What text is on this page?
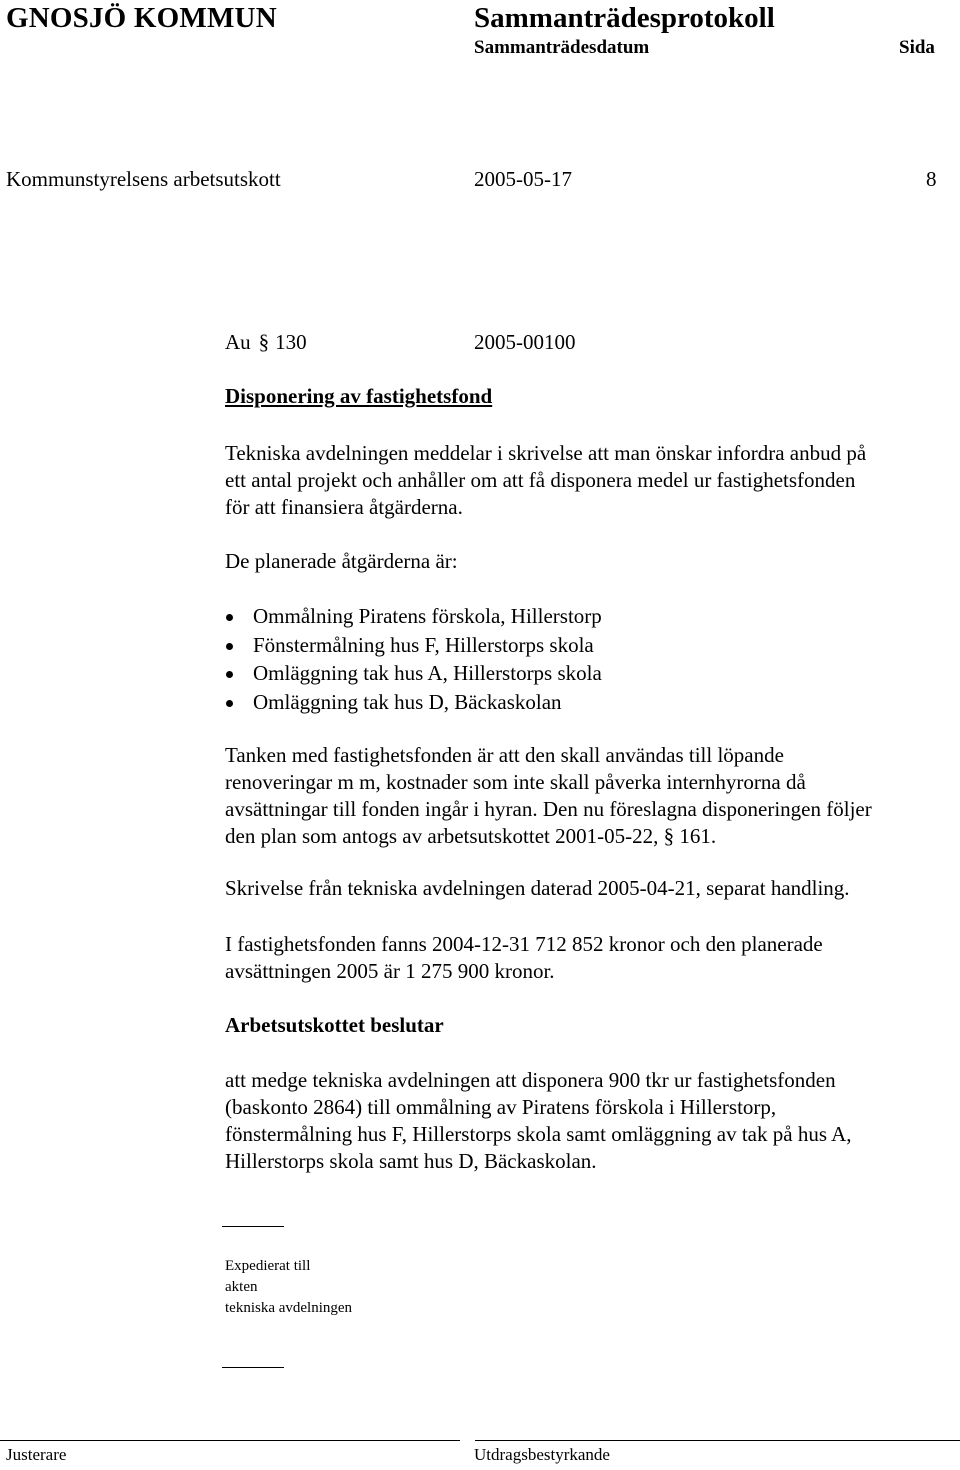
GNOSJÖ KOMMUN	Sammanträdesprotokoll
Sammanträdesdatum	Sida
Kommunstyrelsens arbetsutskott	2005-05-17	8
Au § 130	2005-00100
Disponering av fastighetsfond
Tekniska avdelningen meddelar i skrivelse att man önskar infordra anbud på
ett antal projekt och anhåller om att få disponera medel ur fastighetsfonden
för att finansiera åtgärderna.
De planerade åtgärderna är:
Ommålning Piratens förskola, Hillerstorp
Fönstermålning hus F, Hillerstorps skola
Omläggning tak hus A, Hillerstorps skola
Omläggning tak hus D, Bäckaskolan
Tanken med fastighetsfonden är att den skall användas till löpande
renoveringar m m, kostnader som inte skall påverka internhyrorna då
avsättningar till fonden ingår i hyran. Den nu föreslagna disponeringen följer
den plan som antogs av arbetsutskottet 2001-05-22, § 161.
Skrivelse från tekniska avdelningen daterad 2005-04-21, separat handling.
I fastighetsfonden fanns 2004-12-31 712 852 kronor och den planerade
avsättningen 2005 är 1 275 900 kronor.
Arbetsutskottet beslutar
att medge tekniska avdelningen att disponera 900 tkr ur fastighetsfonden
(baskonto 2864) till ommålning av Piratens förskola i Hillerstorp,
fönstermålning hus F, Hillerstorps skola samt omläggning av tak på hus A,
Hillerstorps skola samt hus D, Bäckaskolan.
Expedierat till
akten
tekniska avdelningen
Justerare	Utdragsbestyrkande
